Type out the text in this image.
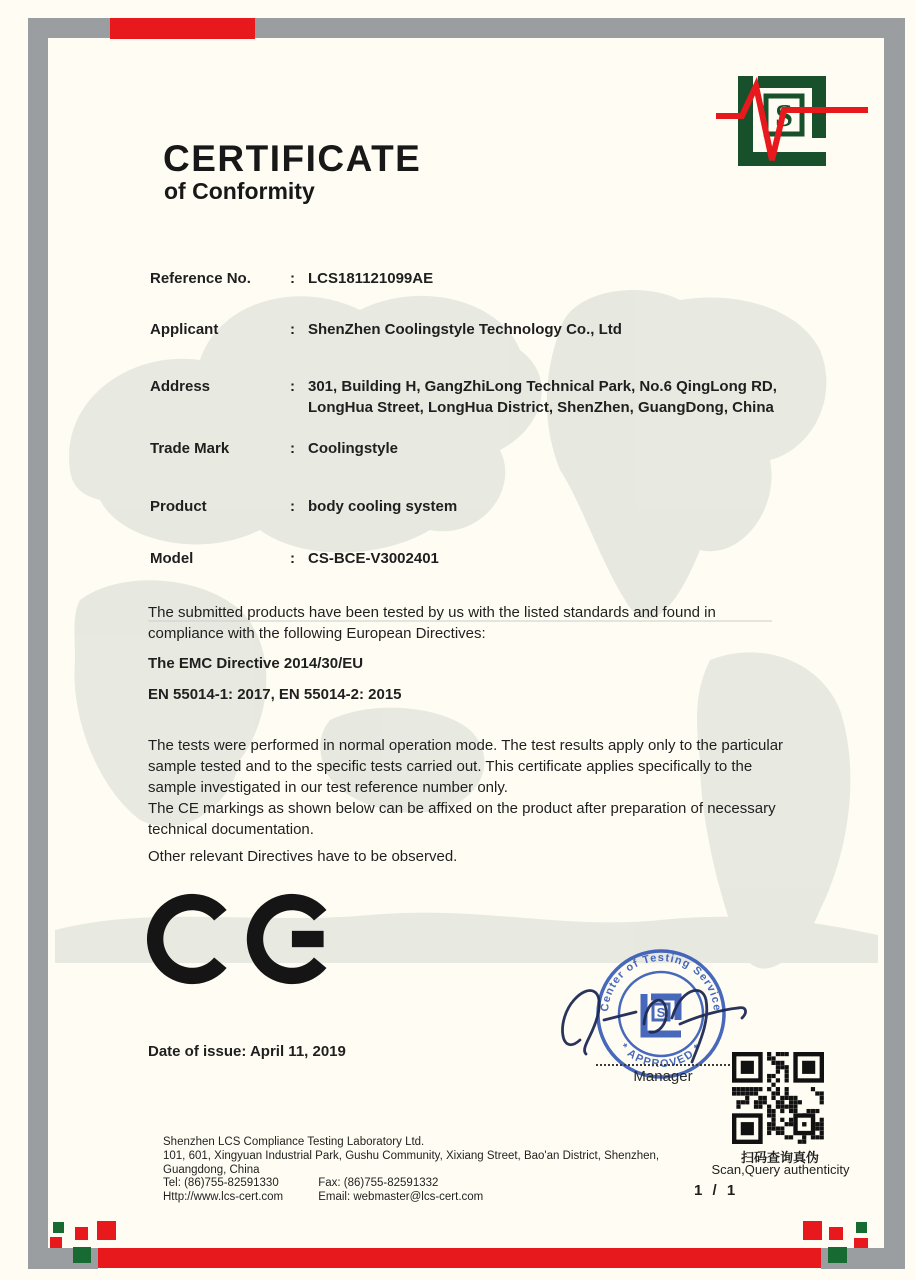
S
CERTIFICATE
of Conformity
Reference No.	: LCS181121099AE
Applicant	: ShenZhen Coolingstyle Technology Co., Ltd
Address	: 301, Building H, GangZhiLong Technical Park, No.6 QingLong RD, LongHua Street, LongHua District, ShenZhen, GuangDong, China
Trade Mark	: Coolingstyle
Product	: body cooling system
Model	: CS-BCE-V3002401
The submitted products have been tested by us with the listed standards and found in compliance with the following European Directives:
The EMC Directive 2014/30/EU
EN 55014-1: 2017, EN 55014-2: 2015
The tests were performed in normal operation mode. The test results apply only to the particular sample tested and to the specific tests carried out. This certificate applies specifically to the sample investigated in our test reference number only.
The CE markings as shown below can be affixed on the product after preparation of necessary technical documentation.
Other relevant Directives have to be observed.
Date of issue: April 11, 2019
Center of Testing Service
* APPROVED *
S
Manager
扫码查询真伪
Scan,Query authenticity
1 / 1
Shenzhen LCS Compliance Testing Laboratory Ltd.
101, 601, Xingyuan Industrial Park, Gushu Community, Xixiang Street, Bao'an District, Shenzhen,
Guangdong, China
Tel: (86)755-82591330	Fax: (86)755-82591332
Http://www.lcs-cert.com	Email: webmaster@lcs-cert.com
